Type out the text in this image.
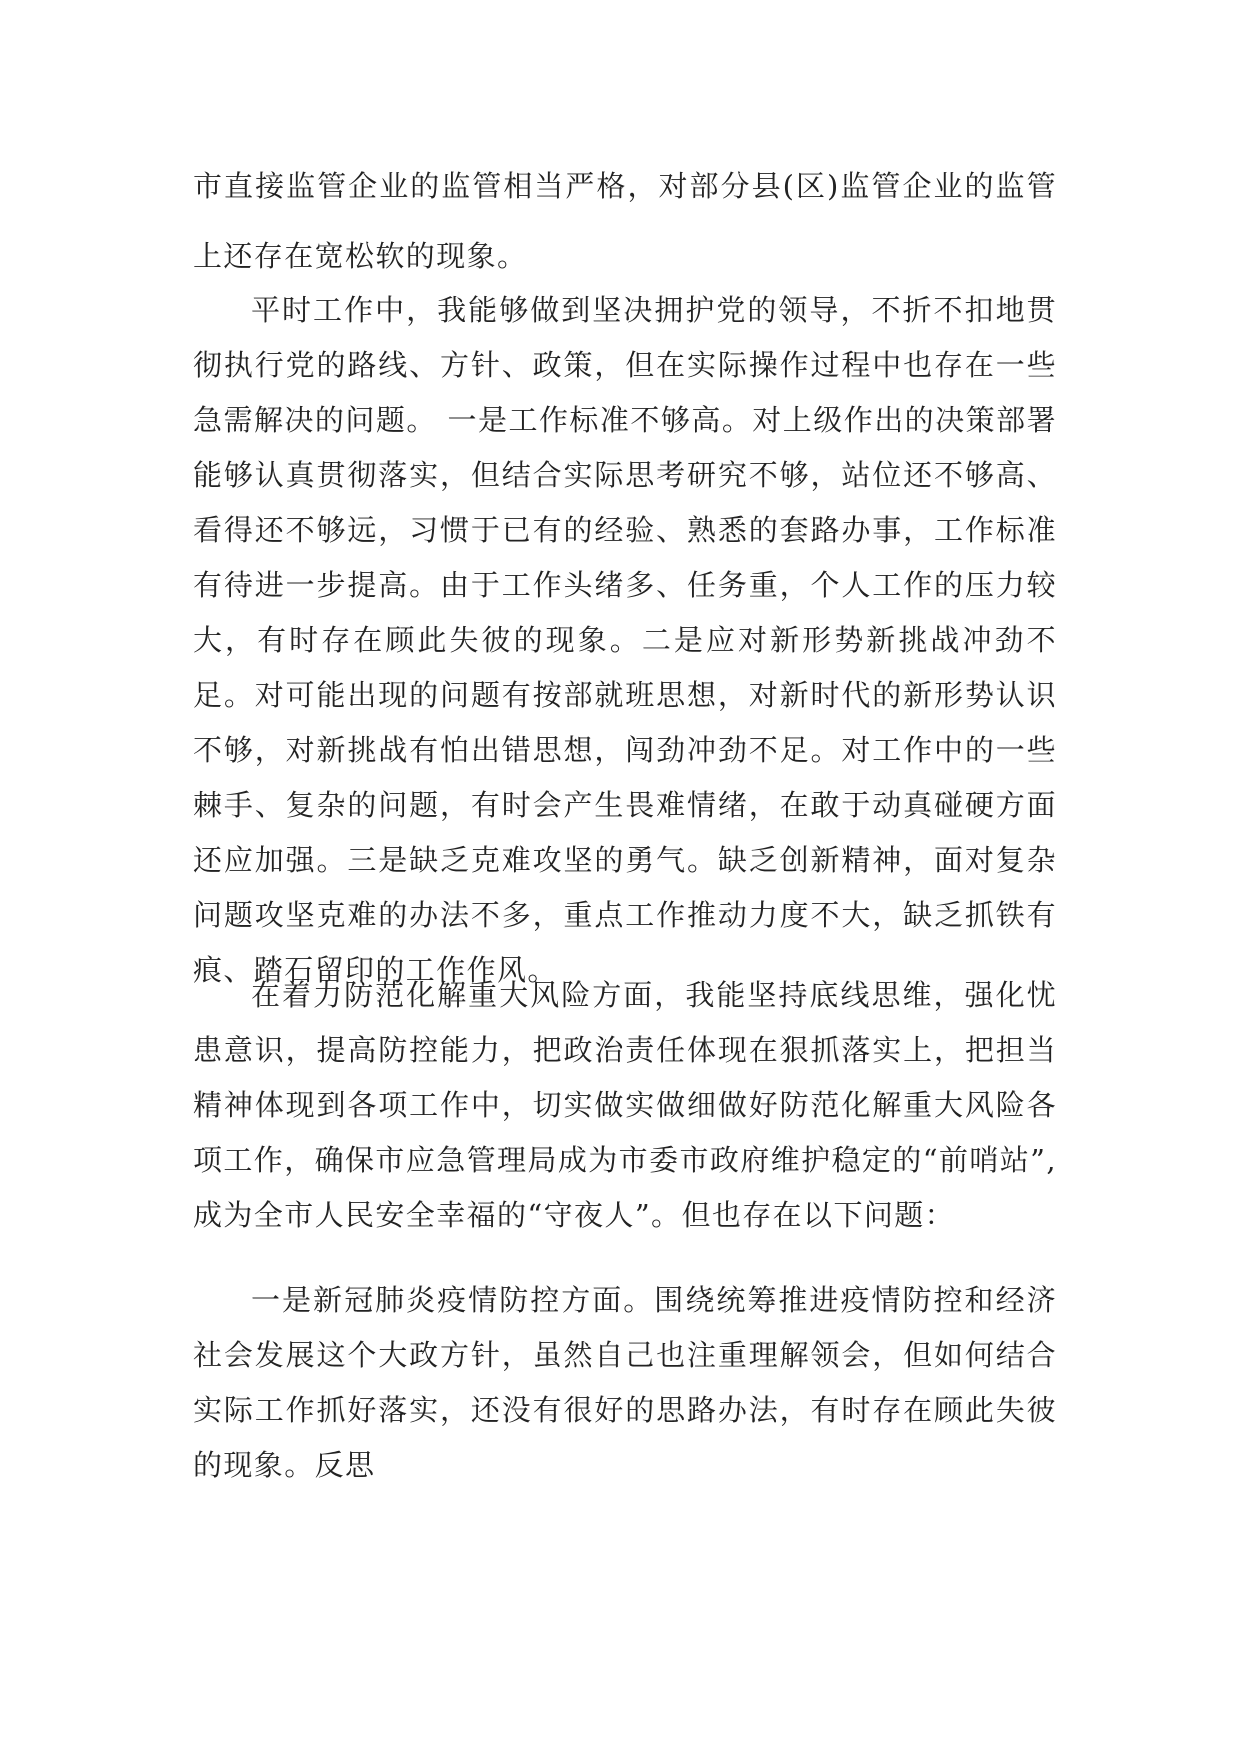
市直接监管企业的监管相当严格，对部分县(区)监管企业的监管上还存在宽松软的现象。

平时工作中，我能够做到坚决拥护党的领导，不折不扣地贯彻执行党的路线、方针、政策，但在实际操作过程中也存在一些急需解决的问题。 一是工作标准不够高。对上级作出的决策部署能够认真贯彻落实，但结合实际思考研究不够，站位还不够高、看得还不够远，习惯于已有的经验、熟悉的套路办事，工作标准有待进一步提高。由于工作头绪多、任务重，个人工作的压力较大，有时存在顾此失彼的现象。二是应对新形势新挑战冲劲不足。对可能出现的问题有按部就班思想，对新时代的新形势认识不够，对新挑战有怕出错思想，闯劲冲劲不足。对工作中的一些棘手、复杂的问题，有时会产生畏难情绪，在敢于动真碰硬方面还应加强。三是缺乏克难攻坚的勇气。缺乏创新精神，面对复杂问题攻坚克难的办法不多，重点工作推动力度不大，缺乏抓铁有痕、踏石留印的工作作风。

在着力防范化解重大风险方面，我能坚持底线思维，强化忧患意识，提高防控能力，把政治责任体现在狠抓落实上，把担当精神体现到各项工作中，切实做实做细做好防范化解重大风险各项工作，确保市应急管理局成为市委市政府维护稳定的“前哨站”,成为全市人民安全幸福的“守夜人”。但也存在以下问题：

一是新冠肺炎疫情防控方面。围绕统筹推进疫情防控和经济社会发展这个大政方针，虽然自己也注重理解领会，但如何结合实际工作抓好落实，还没有很好的思路办法，有时存在顾此失彼的现象。反思
